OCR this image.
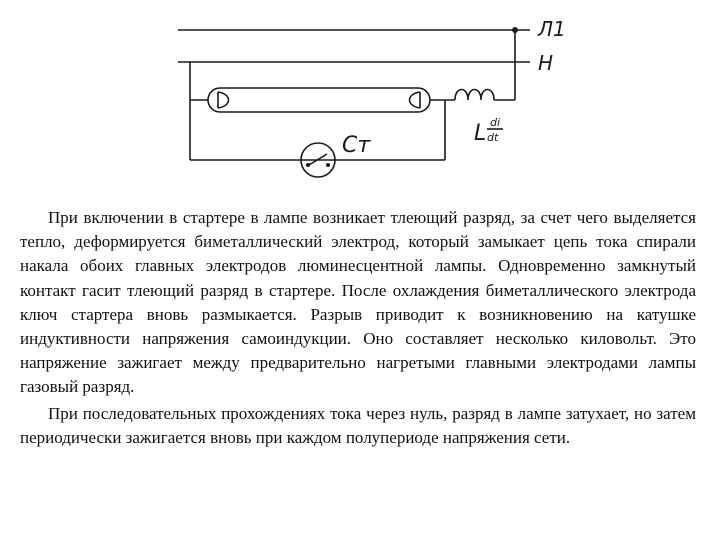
Л1
Н
Ст	L di
dt

При включении в стартере в лампе возникает тлеющий разряд, за счет чего выделяется тепло, деформируется биметаллический электрод, который замыкает цепь тока спирали накала обоих главных электродов люминесцентной лампы. Одновременно замкнутый контакт гасит тлеющий разряд в стартере. После охлаждения биметаллического электрода ключ стартера вновь размыкается. Разрыв приводит к возникновению на катушке индуктивности напряжения самоиндукции. Оно составляет несколько киловольт. Это напряжение зажигает между предварительно нагретыми главными электродами лампы газовый разряд.

При последовательных прохождениях тока через нуль, разряд в лампе затухает, но затем периодически зажигается вновь при каждом полупериоде напряжения сети.
